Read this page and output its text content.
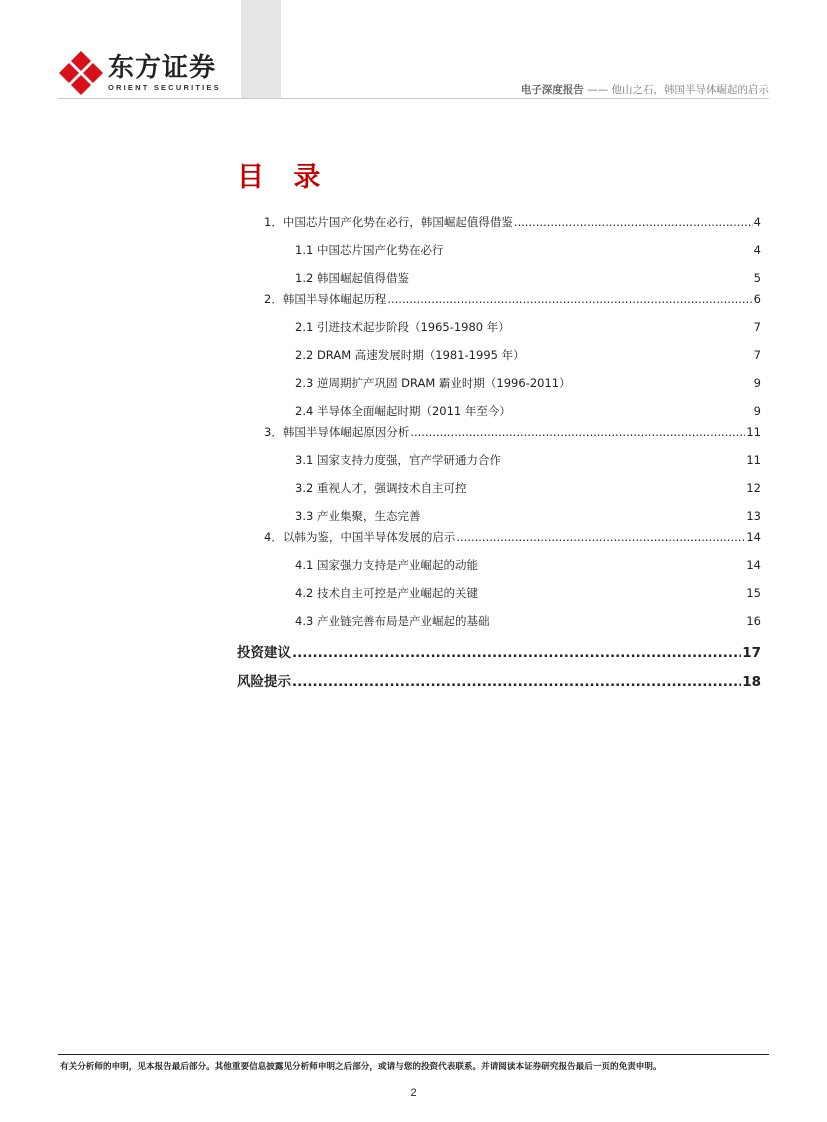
东方证券
ORIENT SECURITIES	电子深度报告 —— 他山之石，韩国半导体崛起的启示
目 录
1．中国芯片国产化势在必行，韩国崛起值得借鉴 .....	4
1.1 中国芯片国产化势在必行	4
1.2 韩国崛起值得借鉴	5
2．韩国半导体崛起历程 .....	6
2.1 引进技术起步阶段（1965-1980 年）	7
2.2 DRAM 高速发展时期（1981-1995 年）	7
2.3 逆周期扩产巩固 DRAM 霸业时期（1996-2011）	9
2.4 半导体全面崛起时期（2011 年至今）	9
3．韩国半导体崛起原因分析 .....	11
3.1 国家支持力度强，官产学研通力合作	11
3.2 重视人才，强调技术自主可控	12
3.3 产业集聚，生态完善	13
4．以韩为鉴，中国半导体发展的启示 .....	14
4.1 国家强力支持是产业崛起的动能	14
4.2 技术自主可控是产业崛起的关键	15
4.3 产业链完善布局是产业崛起的基础	16
投资建议 .....	17
风险提示 .....	18
有关分析师的申明，见本报告最后部分。其他重要信息披露见分析师申明之后部分，或请与您的投资代表联系。并请阅读本证券研究报告最后一页的免责申明。
2
